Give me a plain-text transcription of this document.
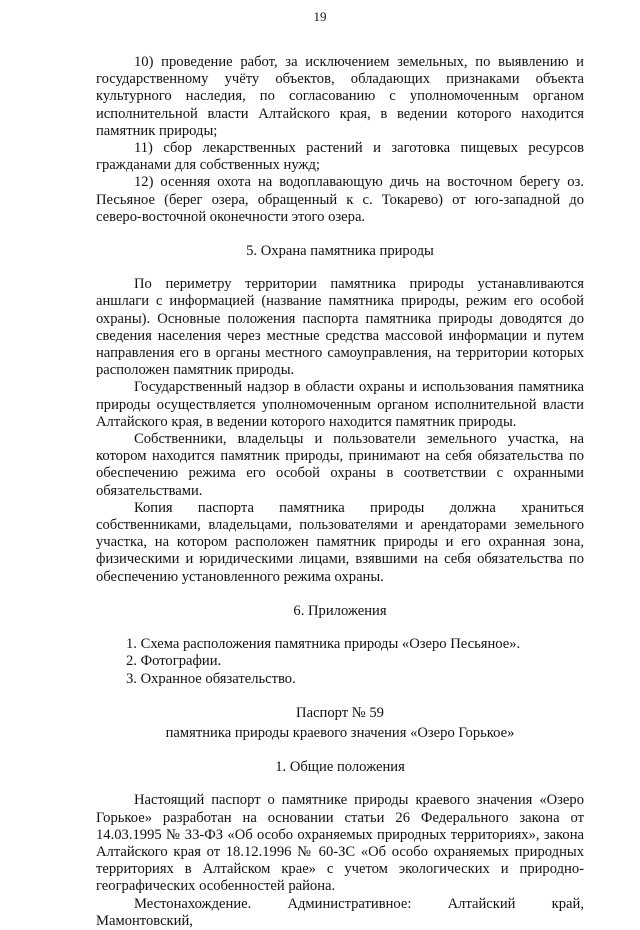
19

10) проведение работ, за исключением земельных, по выявлению и государственному учёту объектов, обладающих признаками объекта культурного наследия, по согласованию с уполномоченным органом исполнительной власти Алтайского края, в ведении которого находится памятник природы;

11) сбор лекарственных растений и заготовка пищевых ресурсов гражданами для собственных нужд;

12) осенняя охота на водоплавающую дичь на восточном берегу оз. Песьяное (берег озера, обращенный к с. Токарево) от юго-западной до северо-восточной оконечности этого озера.

5. Охрана памятника природы

По периметру территории памятника природы устанавливаются аншлаги с информацией (название памятника природы, режим его особой охраны). Основные положения паспорта памятника природы доводятся до сведения населения через местные средства массовой информации и путем направления его в органы местного самоуправления, на территории которых расположен памятник природы.

Государственный надзор в области охраны и использования памятника природы осуществляется уполномоченным органом исполнительной власти Алтайского края, в ведении которого находится памятник природы.

Собственники, владельцы и пользователи земельного участка, на котором находится памятник природы, принимают на себя обязательства по обеспечению режима его особой охраны в соответствии с охранными обязательствами.

Копия паспорта памятника природы должна храниться собственниками, владельцами, пользователями и арендаторами земельного участка, на котором расположен памятник природы и его охранная зона, физическими и юридическими лицами, взявшими на себя обязательства по обеспечению установленного режима охраны.

6. Приложения

1. Схема расположения памятника природы «Озеро Песьяное».

2. Фотографии.

3. Охранное обязательство.

Паспорт № 59

памятника природы краевого значения «Озеро Горькое»

1. Общие положения

Настоящий паспорт о памятнике природы краевого значения «Озеро Горькое» разработан на основании статьи 26 Федерального закона от 14.03.1995 № 33-ФЗ «Об особо охраняемых природных территориях», закона Алтайского края от 18.12.1996 № 60-ЗС «Об особо охраняемых природных территориях в Алтайском крае» с учетом экологических и природно-географических особенностей района.

Местонахождение. Административное: Алтайский край, Мамонтовский,
